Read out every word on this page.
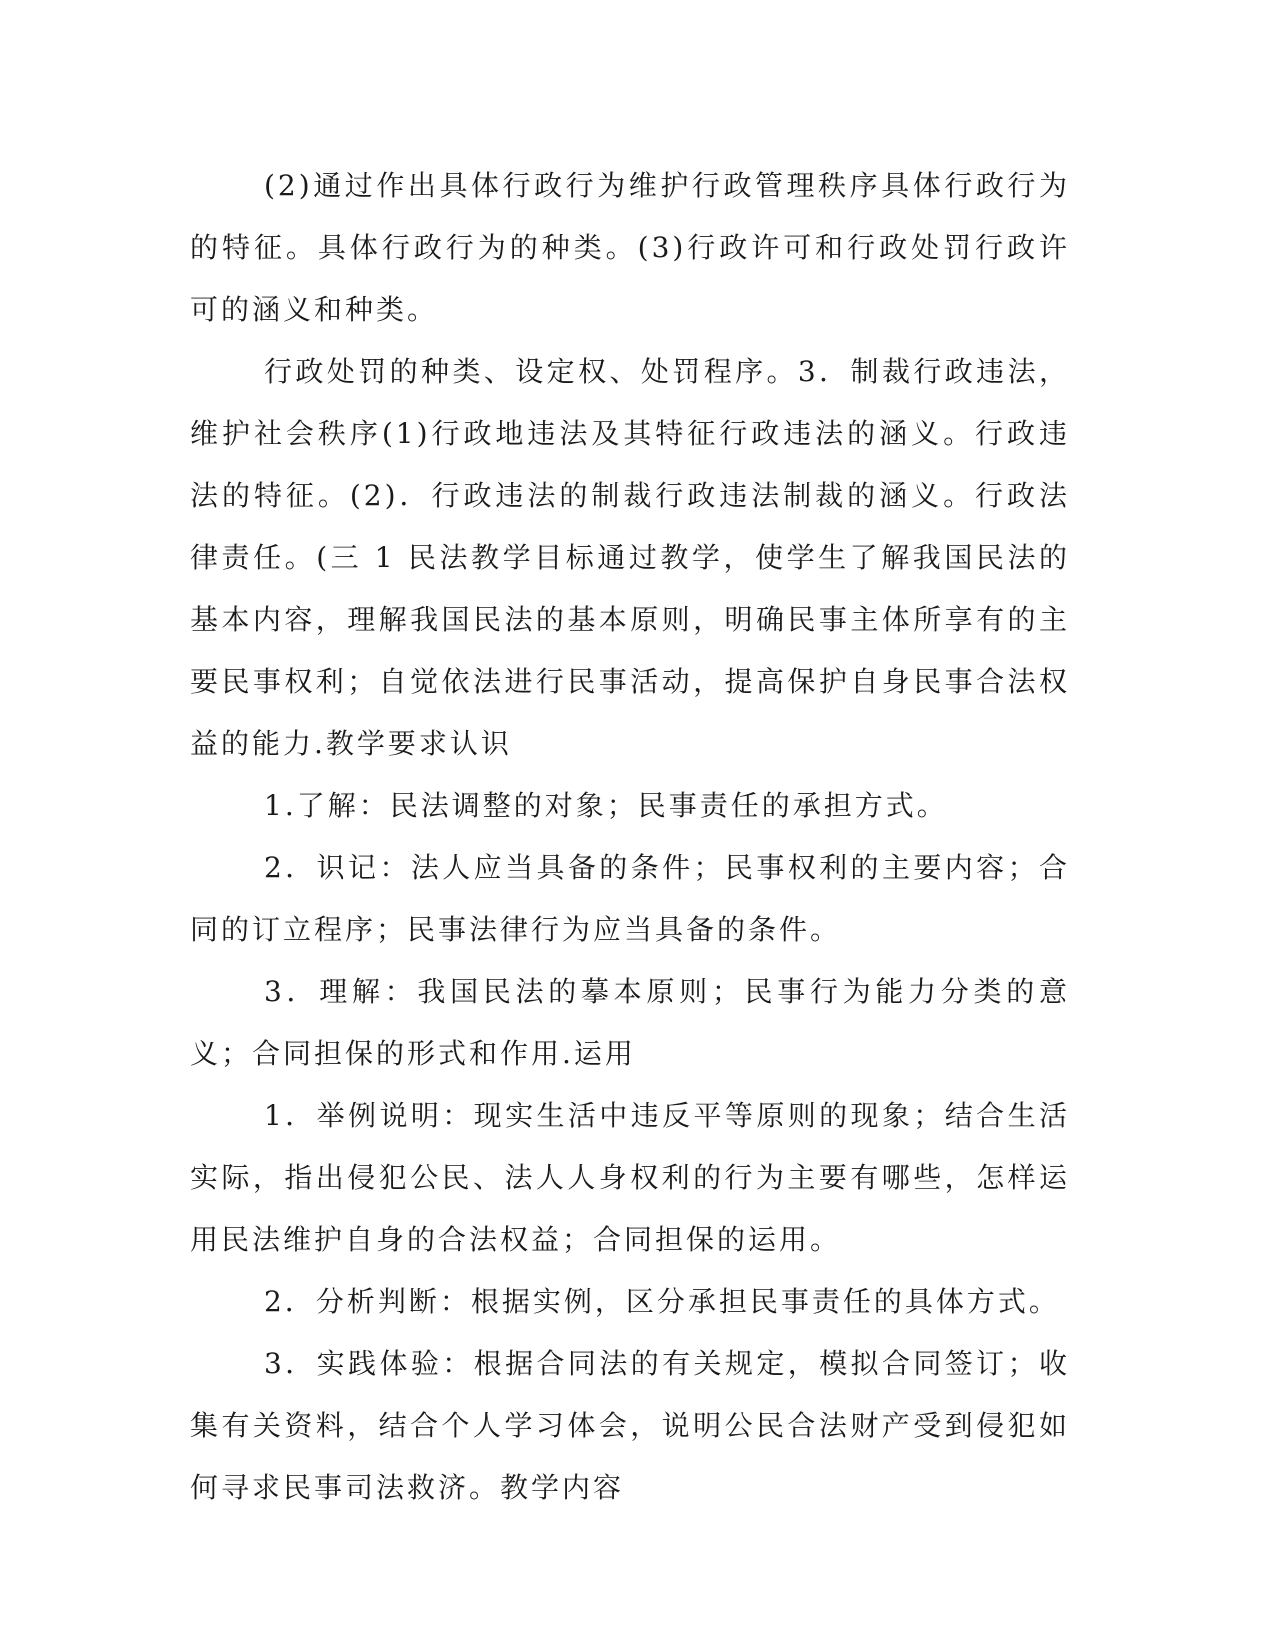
(2)通过作出具体行政行为维护行政管理秩序具体行政行为的特征。具体行政行为的种类。(3)行政许可和行政处罚行政许可的涵义和种类。

行政处罚的种类、设定权、处罚程序。3．制裁行政违法，维护社会秩序(1)行政地违法及其特征行政违法的涵义。行政违法的特征。(2)．行政违法的制裁行政违法制裁的涵义。行政法律责任。(三 1 民法教学目标通过教学，使学生了解我国民法的基本内容，理解我国民法的基本原则，明确民事主体所享有的主要民事权利；自觉依法进行民事活动，提高保护自身民事合法权益的能力.教学要求认识

1.了解：民法调整的对象；民事责任的承担方式。

2．识记：法人应当具备的条件；民事权利的主要内容；合同的订立程序；民事法律行为应当具备的条件。

3．理解：我国民法的摹本原则；民事行为能力分类的意义；合同担保的形式和作用.运用

1．举例说明：现实生活中违反平等原则的现象；结合生活实际，指出侵犯公民、法人人身权利的行为主要有哪些，怎样运用民法维护自身的合法权益；合同担保的运用。

2．分析判断：根据实例，区分承担民事责任的具体方式。

3．实践体验：根据合同法的有关规定，模拟合同签订；收集有关资料，结合个人学习体会，说明公民合法财产受到侵犯如何寻求民事司法救济。教学内容
